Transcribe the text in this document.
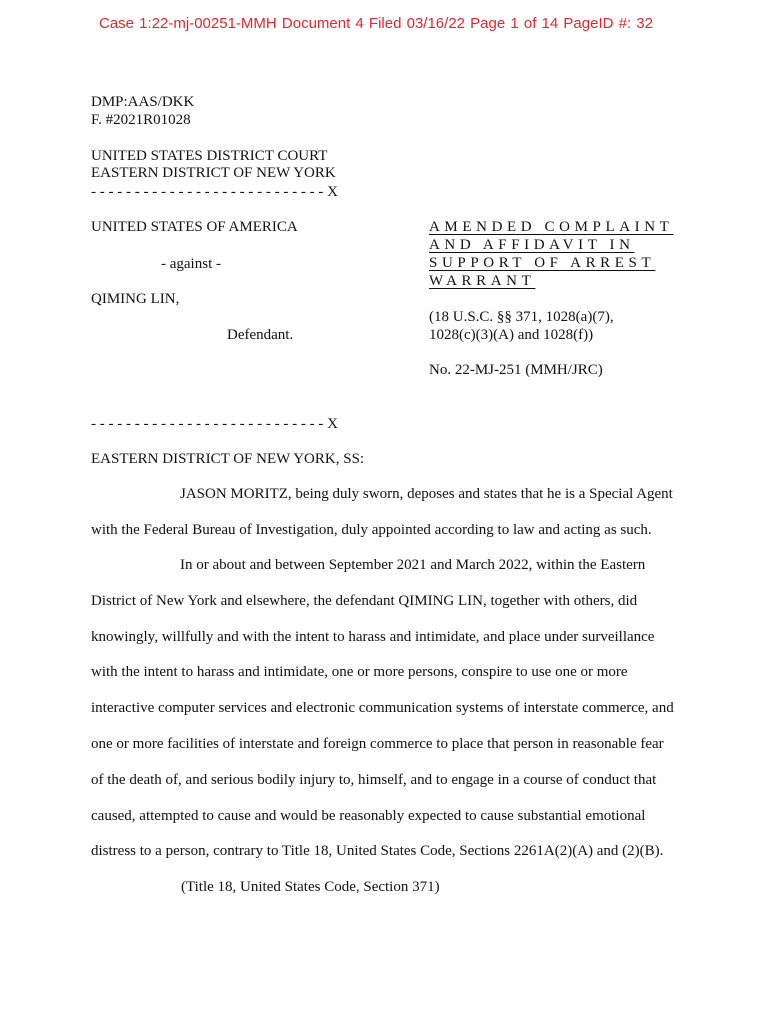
Case 1:22-mj-00251-MMH Document 4 Filed 03/16/22 Page 1 of 14 PageID #: 32
DMP:AAS/DKK
F. #2021R01028
UNITED STATES DISTRICT COURT
EASTERN DISTRICT OF NEW YORK
- - - - - - - - - - - - - - - - - - - - - - - - - - - X
UNITED STATES OF AMERICA
- against -
QIMING LIN,
Defendant.
AMENDED COMPLAINT
AND AFFIDAVIT IN
SUPPORT OF ARREST
WARRANT
(18 U.S.C. §§ 371, 1028(a)(7),
1028(c)(3)(A) and 1028(f))
No. 22-MJ-251 (MMH/JRC)
- - - - - - - - - - - - - - - - - - - - - - - - - - - X
EASTERN DISTRICT OF NEW YORK, SS:
JASON MORITZ, being duly sworn, deposes and states that he is a Special Agent
with the Federal Bureau of Investigation, duly appointed according to law and acting as such.
In or about and between September 2021 and March 2022, within the Eastern
District of New York and elsewhere, the defendant QIMING LIN, together with others, did
knowingly, willfully and with the intent to harass and intimidate, and place under surveillance
with the intent to harass and intimidate, one or more persons, conspire to use one or more
interactive computer services and electronic communication systems of interstate commerce, and
one or more facilities of interstate and foreign commerce to place that person in reasonable fear
of the death of, and serious bodily injury to, himself, and to engage in a course of conduct that
caused, attempted to cause and would be reasonably expected to cause substantial emotional
distress to a person, contrary to Title 18, United States Code, Sections 2261A(2)(A) and (2)(B).
(Title 18, United States Code, Section 371)
